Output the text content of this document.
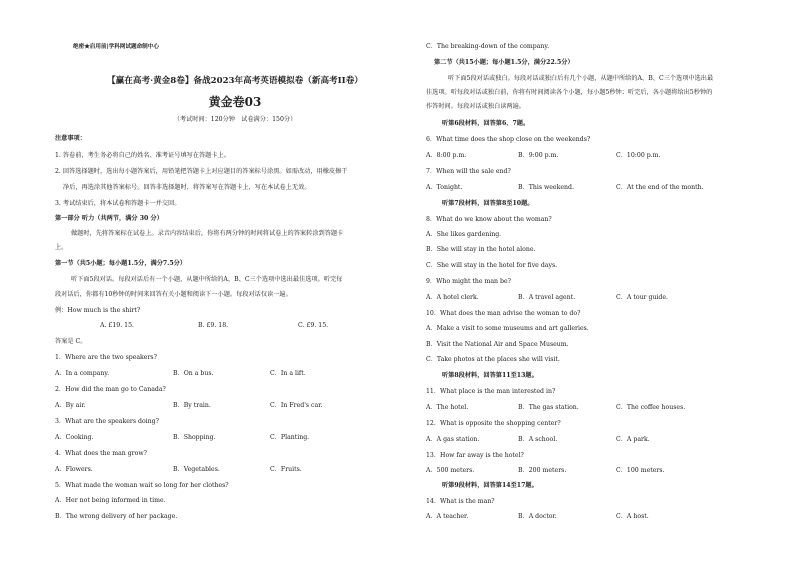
绝密★启用前|学科网试题命制中心
【赢在高考·黄金8卷】备战2023年高考英语模拟卷（新高考II卷）
黄金卷03
（考试时间：120分钟　试卷满分：150分）
注意事项：
1. 答卷前，考生务必将自己的姓名、准考证号填写在答题卡上。
2. 回答选择题时，选出每小题答案后，用铅笔把答题卡上对应题目的答案标号涂黑。如需改动，用橡皮擦干
净后，再选涂其他答案标号。回答非选择题时，将答案写在答题卡上，写在本试卷上无效。
3. 考试结束后，将本试卷和答题卡一并交回。
第一部分 听力（共两节，满分 30 分）
做题时，先将答案标在试卷上。录音内容结束后，你将有两分钟的时间将试卷上的答案转涂到答题卡
上。
第一节（共5小题；每小题1.5分，满分7.5分）
听下面5段对话。每段对话后有一个小题，从题中所给的A、B、C三个选项中选出最佳选项。听完每
段对话后，你都有10秒钟的时间来回答有关小题和阅读下一小题。每段对话仅读一遍。
例：How much is the shirt?
A. £19. 15.	B. £9. 18.	C. £9. 15.
答案是 C。
1．Where are the two speakers?
A．In a company.	B．On a bus.	C．In a lift.
2．How did the man go to Canada?
A．By air.	B．By train.	C．In Fred's car.
3．What are the speakers doing?
A．Cooking.	B．Shopping.	C．Planting.
4．What does the man grow?
A．Flowers.	B．Vegetables.	C．Fruits.
5．What made the woman wait so long for her clothes?
A．Her not being informed in time.
B．The wrong delivery of her package.
C．The breaking-down of the company.
第二节（共15小题；每小题1.5分，满分22.5分）
听下面5段对话或独白。每段对话或独白后有几个小题，从题中所给的A、B、C三个选项中选出最
佳选项。听每段对话或独白前，你将有时间阅读各个小题，每小题5秒钟；听完后，各小题将给出5秒钟的
作答时间。每段对话或独白读两遍。
听第6段材料，回答第6、7题。
6．What time does the shop close on the weekends?
A．8:00 p.m.	B．9:00 p.m.	C．10:00 p.m.
7．When will the sale end?
A．Tonight.	B．This weekend.	C．At the end of the month.
听第7段材料，回答第8至10题。
8．What do we know about the woman?
A．She likes gardening.
B．She will stay in the hotel alone.
C．She will stay in the hotel for five days.
9．Who might the man be?
A．A hotel clerk.	B．A travel agent.	C．A tour guide.
10．What does the man advise the woman to do?
A．Make a visit to some museums and art galleries.
B．Visit the National Air and Space Museum.
C．Take photos at the places she will visit.
听第8段材料，回答第11至13题。
11．What place is the man interested in?
A．The hotel.	B．The gas station.	C．The coffee houses.
12．What is opposite the shopping center?
A．A gas station.	B．A school.	C．A park.
13．How far away is the hotel?
A．500 meters.	B．200 meters.	C．100 meters.
听第9段材料，回答第14至17题。
14．What is the man?
A．A teacher.	B．A doctor.	C．A host.
